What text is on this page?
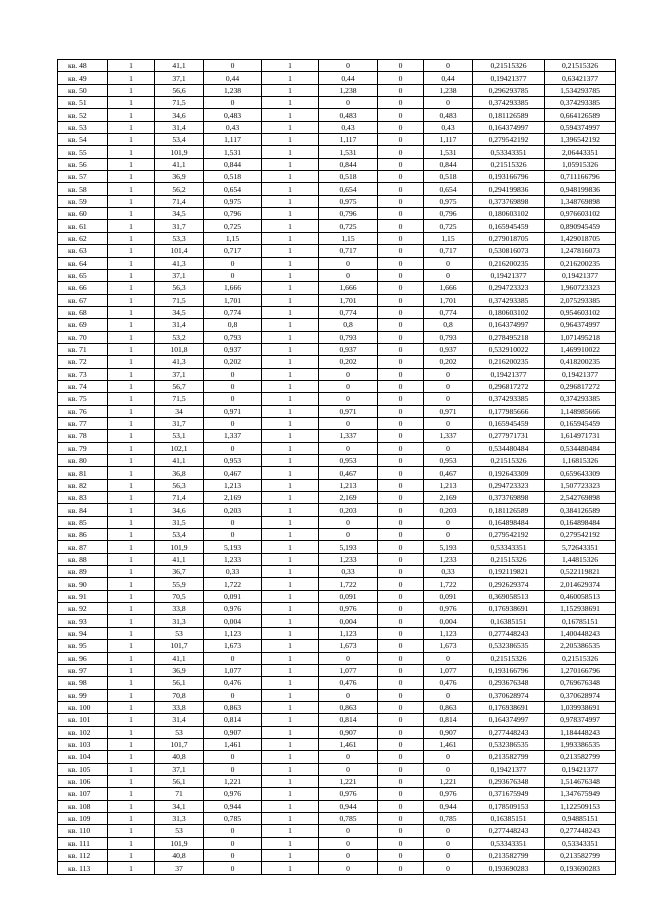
кв. 48	1	41,1	0	1	0	0	0	0,21515326	0,21515326
кв. 49	1	37,1	0,44	1	0,44	0	0,44	0,19421377	0,63421377
кв. 50	1	56,6	1,238	1	1,238	0	1,238	0,296293785	1,534293785
кв. 51	1	71,5	0	1	0	0	0	0,374293385	0,374293385
кв. 52	1	34,6	0,483	1	0,483	0	0,483	0,181126589	0,664126589
кв. 53	1	31,4	0,43	1	0,43	0	0,43	0,164374997	0,594374997
кв. 54	1	53,4	1,117	1	1,117	0	1,117	0,279542192	1,396542192
кв. 55	1	101,9	1,531	1	1,531	0	1,531	0,53343351	2,06443351
кв. 56	1	41,1	0,844	1	0,844	0	0,844	0,21515326	1,05915326
кв. 57	1	36,9	0,518	1	0,518	0	0,518	0,193166796	0,711166796
кв. 58	1	56,2	0,654	1	0,654	0	0,654	0,294199836	0,948199836
кв. 59	1	71,4	0,975	1	0,975	0	0,975	0,373769898	1,348769898
кв. 60	1	34,5	0,796	1	0,796	0	0,796	0,180603102	0,976603102
кв. 61	1	31,7	0,725	1	0,725	0	0,725	0,165945459	0,890945459
кв. 62	1	53,3	1,15	1	1,15	0	1,15	0,279018705	1,429018705
кв. 63	1	101,4	0,717	1	0,717	0	0,717	0,530816073	1,247816073
кв. 64	1	41,3	0	1	0	0	0	0,216200235	0,216200235
кв. 65	1	37,1	0	1	0	0	0	0,19421377	0,19421377
кв. 66	1	56,3	1,666	1	1,666	0	1,666	0,294723323	1,960723323
кв. 67	1	71,5	1,701	1	1,701	0	1,701	0,374293385	2,075293385
кв. 68	1	34,5	0,774	1	0,774	0	0,774	0,180603102	0,954603102
кв. 69	1	31,4	0,8	1	0,8	0	0,8	0,164374997	0,964374997
кв. 70	1	53,2	0,793	1	0,793	0	0,793	0,278495218	1,071495218
кв. 71	1	101,8	0,937	1	0,937	0	0,937	0,532910022	1,469910022
кв. 72	1	41,3	0,202	1	0,202	0	0,202	0,216200235	0,418200235
кв. 73	1	37,1	0	1	0	0	0	0,19421377	0,19421377
кв. 74	1	56,7	0	1	0	0	0	0,296817272	0,296817272
кв. 75	1	71,5	0	1	0	0	0	0,374293385	0,374293385
кв. 76	1	34	0,971	1	0,971	0	0,971	0,177985666	1,148985666
кв. 77	1	31,7	0	1	0	0	0	0,165945459	0,165945459
кв. 78	1	53,1	1,337	1	1,337	0	1,337	0,277971731	1,614971731
кв. 79	1	102,1	0	1	0	0	0	0,534480484	0,534480484
кв. 80	1	41,1	0,953	1	0,953	0	0,953	0,21515326	1,16815326
кв. 81	1	36,8	0,467	1	0,467	0	0,467	0,192643309	0,659643309
кв. 82	1	56,3	1,213	1	1,213	0	1,213	0,294723323	1,507723323
кв. 83	1	71,4	2,169	1	2,169	0	2,169	0,373769898	2,542769898
кв. 84	1	34,6	0,203	1	0,203	0	0,203	0,181126589	0,384126589
кв. 85	1	31,5	0	1	0	0	0	0,164898484	0,164898484
кв. 86	1	53,4	0	1	0	0	0	0,279542192	0,279542192
кв. 87	1	101,9	5,193	1	5,193	0	5,193	0,53343351	5,72643351
кв. 88	1	41,1	1,233	1	1,233	0	1,233	0,21515326	1,44815326
кв. 89	1	36,7	0,33	1	0,33	0	0,33	0,192119821	0,522119821
кв. 90	1	55,9	1,722	1	1,722	0	1,722	0,292629374	2,014629374
кв. 91	1	70,5	0,091	1	0,091	0	0,091	0,369058513	0,460058513
кв. 92	1	33,8	0,976	1	0,976	0	0,976	0,176938691	1,152938691
кв. 93	1	31,3	0,004	1	0,004	0	0,004	0,16385151	0,16785151
кв. 94	1	53	1,123	1	1,123	0	1,123	0,277448243	1,400448243
кв. 95	1	101,7	1,673	1	1,673	0	1,673	0,532386535	2,205386535
кв. 96	1	41,1	0	1	0	0	0	0,21515326	0,21515326
кв. 97	1	36,9	1,077	1	1,077	0	1,077	0,193166796	1,270166796
кв. 98	1	56,1	0,476	1	0,476	0	0,476	0,293676348	0,769676348
кв. 99	1	70,8	0	1	0	0	0	0,370628974	0,370628974
кв. 100	1	33,8	0,863	1	0,863	0	0,863	0,176938691	1,039938691
кв. 101	1	31,4	0,814	1	0,814	0	0,814	0,164374997	0,978374997
кв. 102	1	53	0,907	1	0,907	0	0,907	0,277448243	1,184448243
кв. 103	1	101,7	1,461	1	1,461	0	1,461	0,532386535	1,993386535
кв. 104	1	40,8	0	1	0	0	0	0,213582799	0,213582799
кв. 105	1	37,1	0	1	0	0	0	0,19421377	0,19421377
кв. 106	1	56,1	1,221	1	1,221	0	1,221	0,293676348	1,514676348
кв. 107	1	71	0,976	1	0,976	0	0,976	0,371675949	1,347675949
кв. 108	1	34,1	0,944	1	0,944	0	0,944	0,178509153	1,122509153
кв. 109	1	31,3	0,785	1	0,785	0	0,785	0,16385151	0,94885151
кв. 110	1	53	0	1	0	0	0	0,277448243	0,277448243
кв. 111	1	101,9	0	1	0	0	0	0,53343351	0,53343351
кв. 112	1	40,8	0	1	0	0	0	0,213582799	0,213582799
кв. 113	1	37	0	1	0	0	0	0,193690283	0,193690283
